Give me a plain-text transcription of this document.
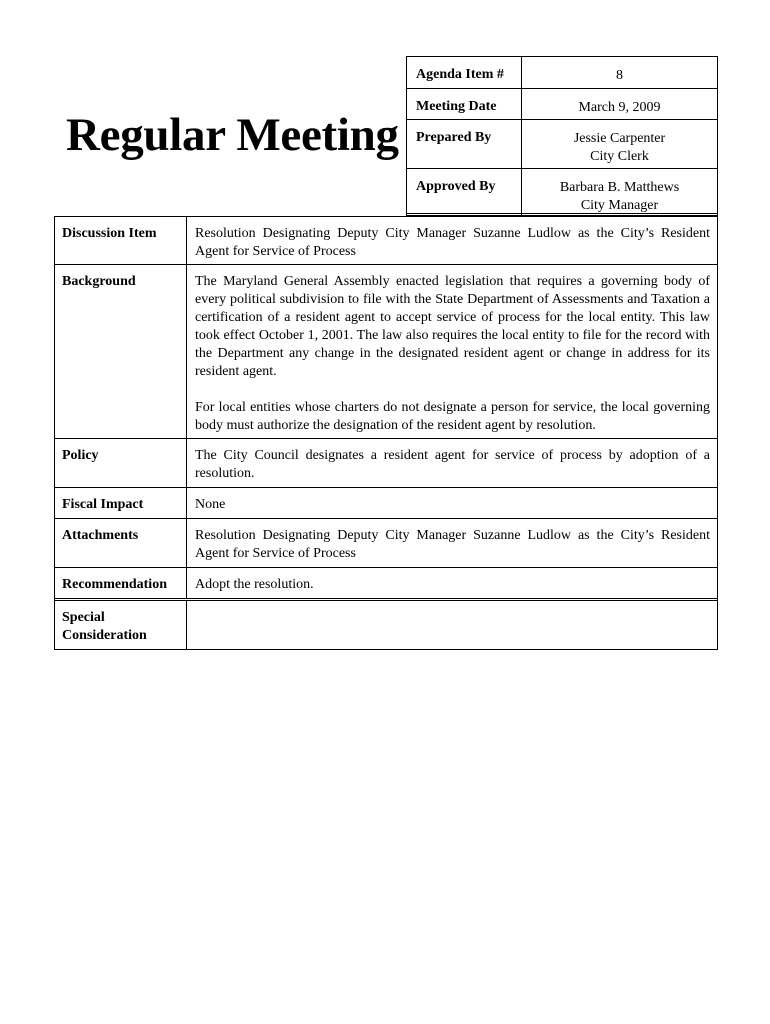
Regular Meeting
Agenda Item #	8
Meeting Date	March 9, 2009
Prepared By	Jessie Carpenter
City Clerk
Approved By	Barbara B. Matthews
City Manager
Discussion Item	Resolution Designating Deputy City Manager Suzanne Ludlow as the City’s Resident Agent for Service of Process
Background	The Maryland General Assembly enacted legislation that requires a governing body of every political subdivision to file with the State Department of Assessments and Taxation a certification of a resident agent to accept service of process for the local entity. This law took effect October 1, 2001. The law also requires the local entity to file for the record with the Department any change in the designated resident agent or change in address for its resident agent.

For local entities whose charters do not designate a person for service, the local governing body must authorize the designation of the resident agent by resolution.

Policy	The City Council designates a resident agent for service of process by adoption of a resolution.
Fiscal Impact	None
Attachments	Resolution Designating Deputy City Manager Suzanne Ludlow as the City’s Resident Agent for Service of Process
Recommendation	Adopt the resolution.
Special Consideration
